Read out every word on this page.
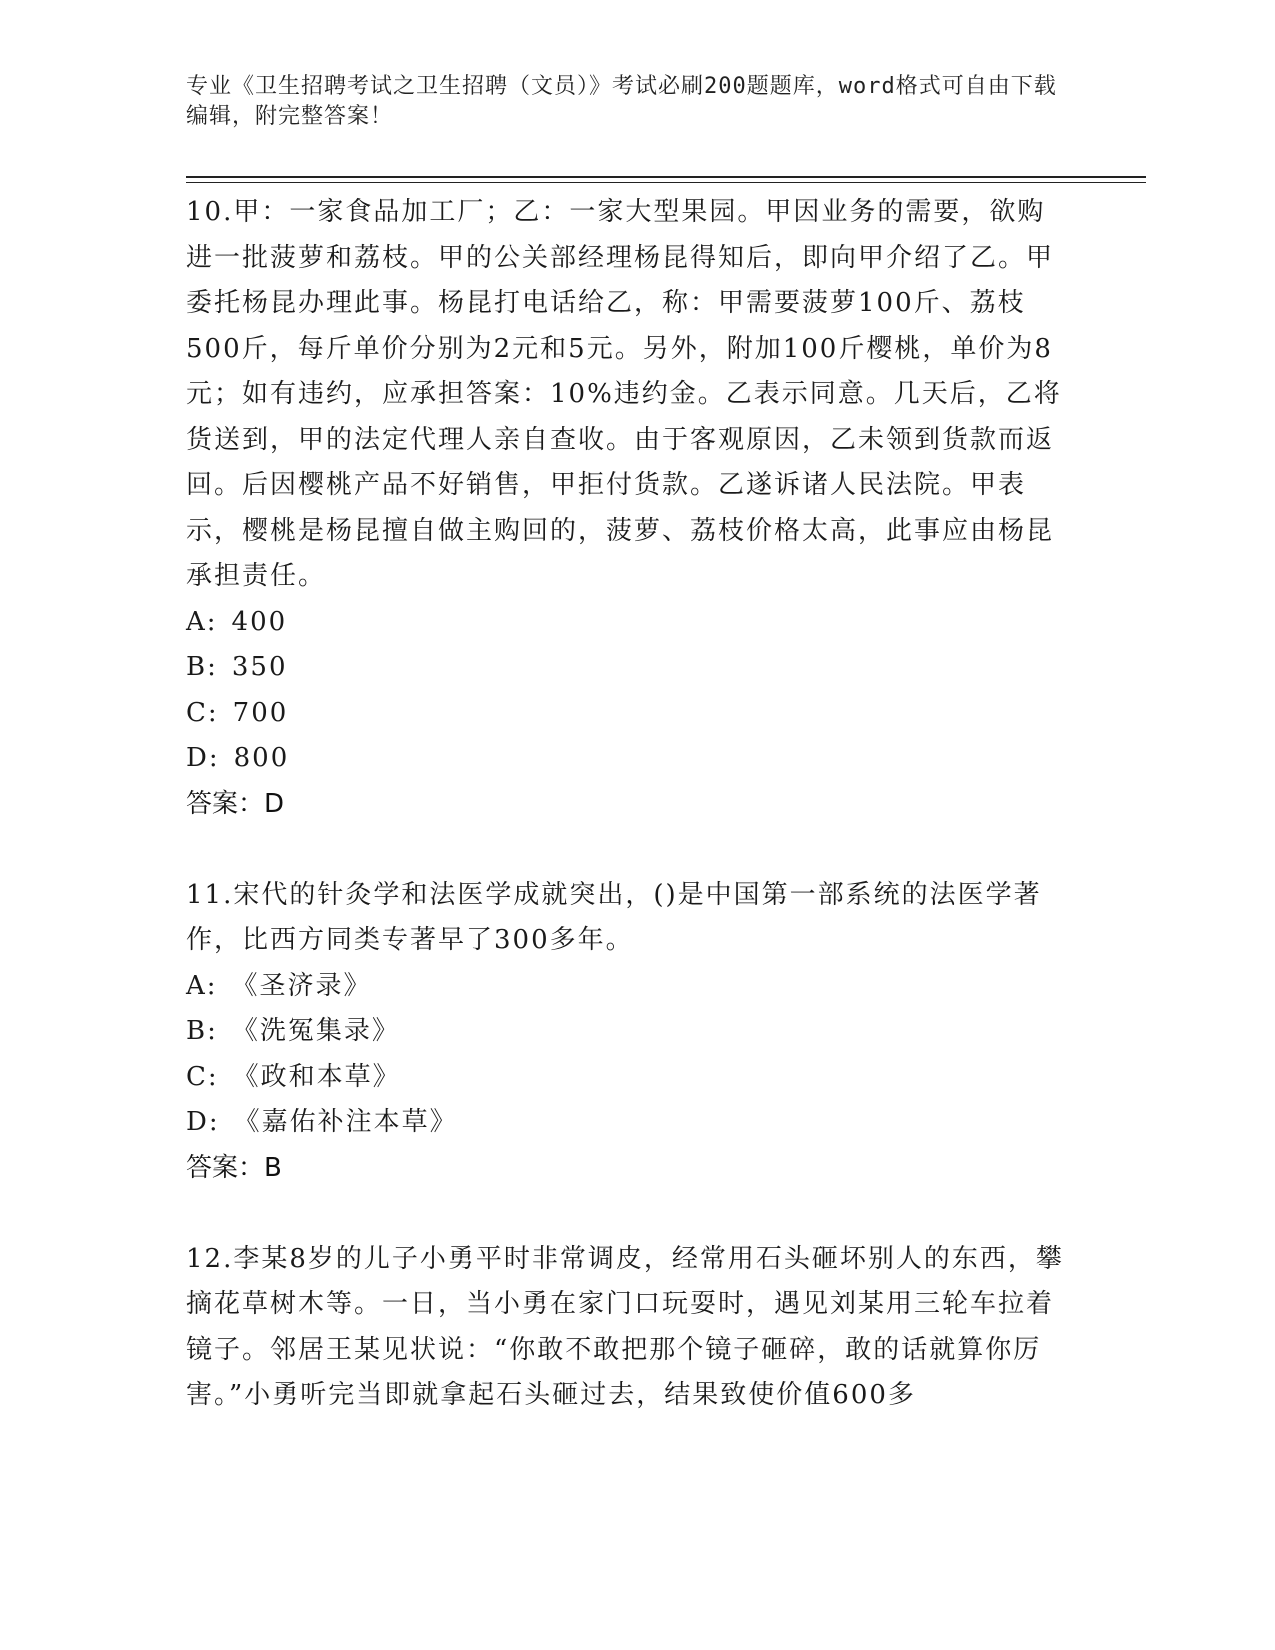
专业《卫生招聘考试之卫生招聘（文员）》考试必刷200题题库，word格式可自由下载编辑，附完整答案！

10.甲：一家食品加工厂；乙：一家大型果园。甲因业务的需要，欲购进一批菠萝和荔枝。甲的公关部经理杨昆得知后，即向甲介绍了乙。甲委托杨昆办理此事。杨昆打电话给乙，称：甲需要菠萝100斤、荔枝500斤，每斤单价分别为2元和5元。另外，附加100斤樱桃，单价为8元；如有违约，应承担答案：10%违约金。乙表示同意。几天后，乙将货送到，甲的法定代理人亲自查收。由于客观原因，乙未领到货款而返回。后因樱桃产品不好销售，甲拒付货款。乙遂诉诸人民法院。甲表示，樱桃是杨昆擅自做主购回的，菠萝、荔枝价格太高，此事应由杨昆承担责任。

A: 400

B: 350

C: 700

D: 800

答案：D

11.宋代的针灸学和法医学成就突出，()是中国第一部系统的法医学著作，比西方同类专著早了300多年。

A: 《圣济录》

B: 《洗冤集录》

C: 《政和本草》

D: 《嘉佑补注本草》

答案：B

12.李某8岁的儿子小勇平时非常调皮，经常用石头砸坏别人的东西，攀摘花草树木等。一日，当小勇在家门口玩耍时，遇见刘某用三轮车拉着镜子。邻居王某见状说：“你敢不敢把那个镜子砸碎，敢的话就算你厉害。”小勇听完当即就拿起石头砸过去，结果致使价值600多
